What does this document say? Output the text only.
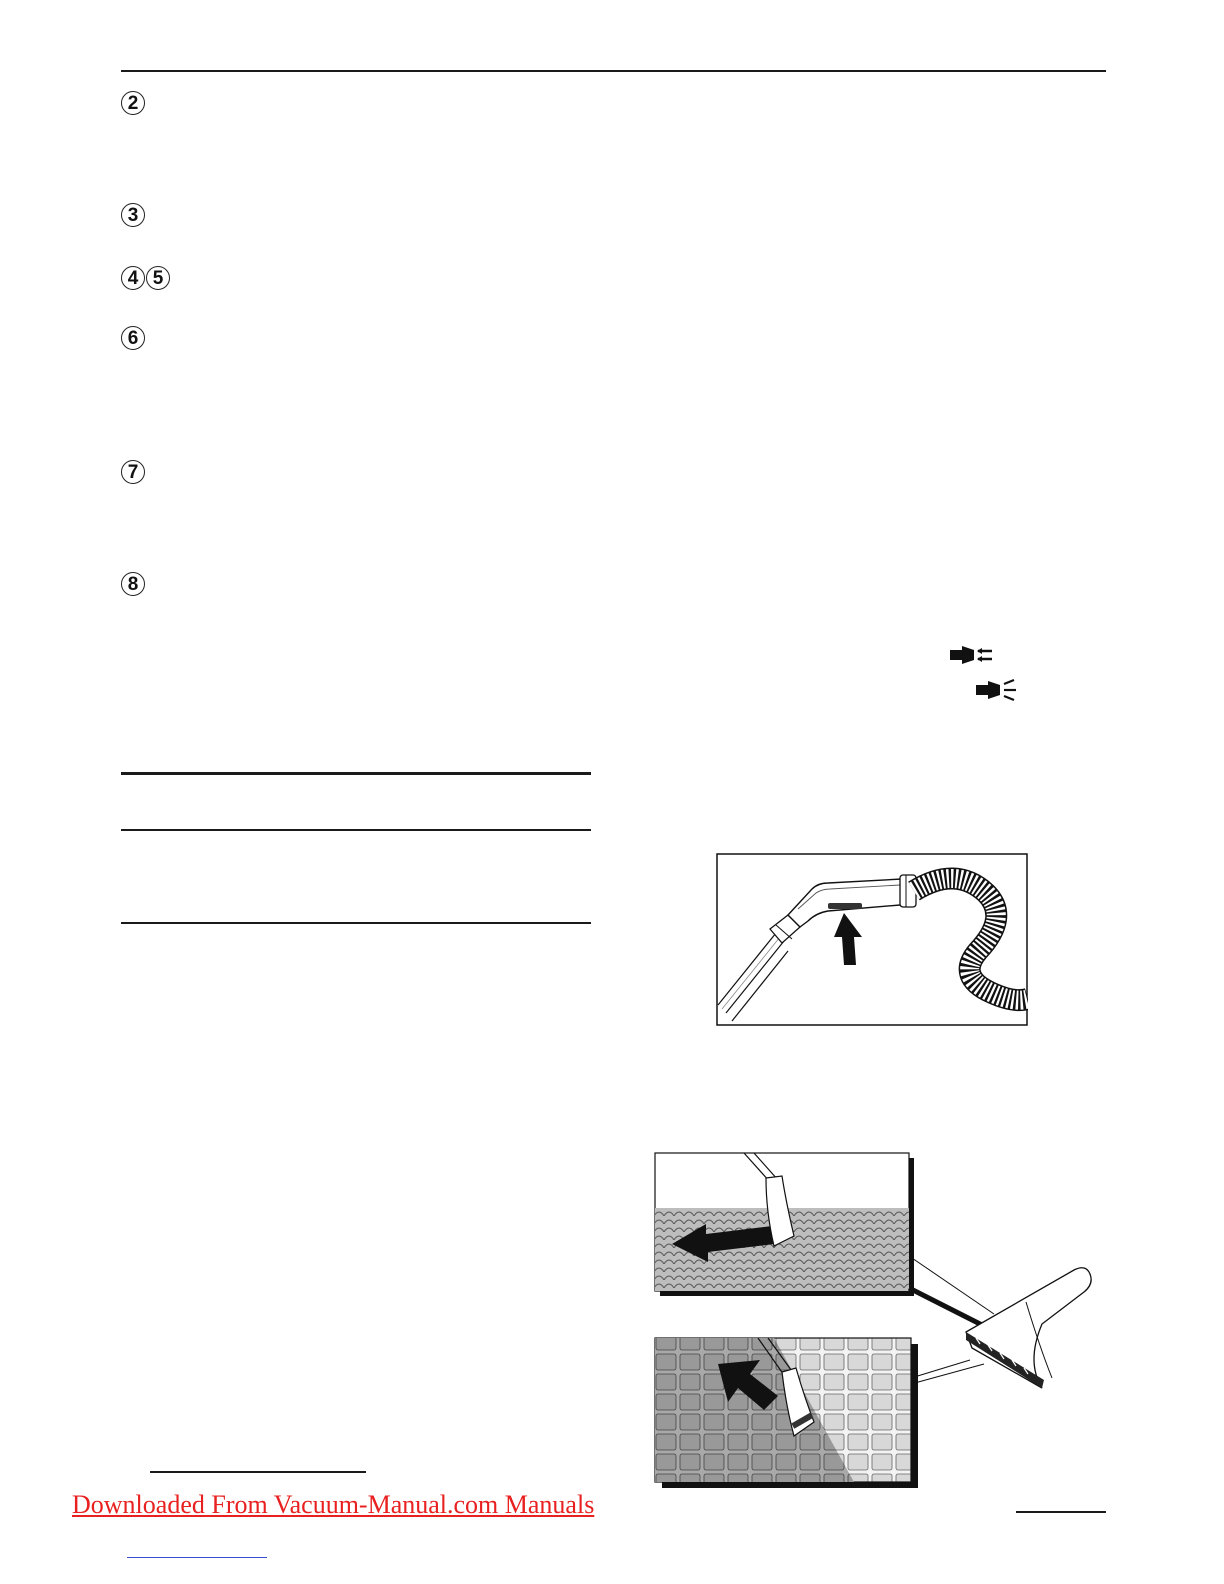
2
3
4 5
6
7
8
Downloaded From Vacuum-Manual.com Manuals
